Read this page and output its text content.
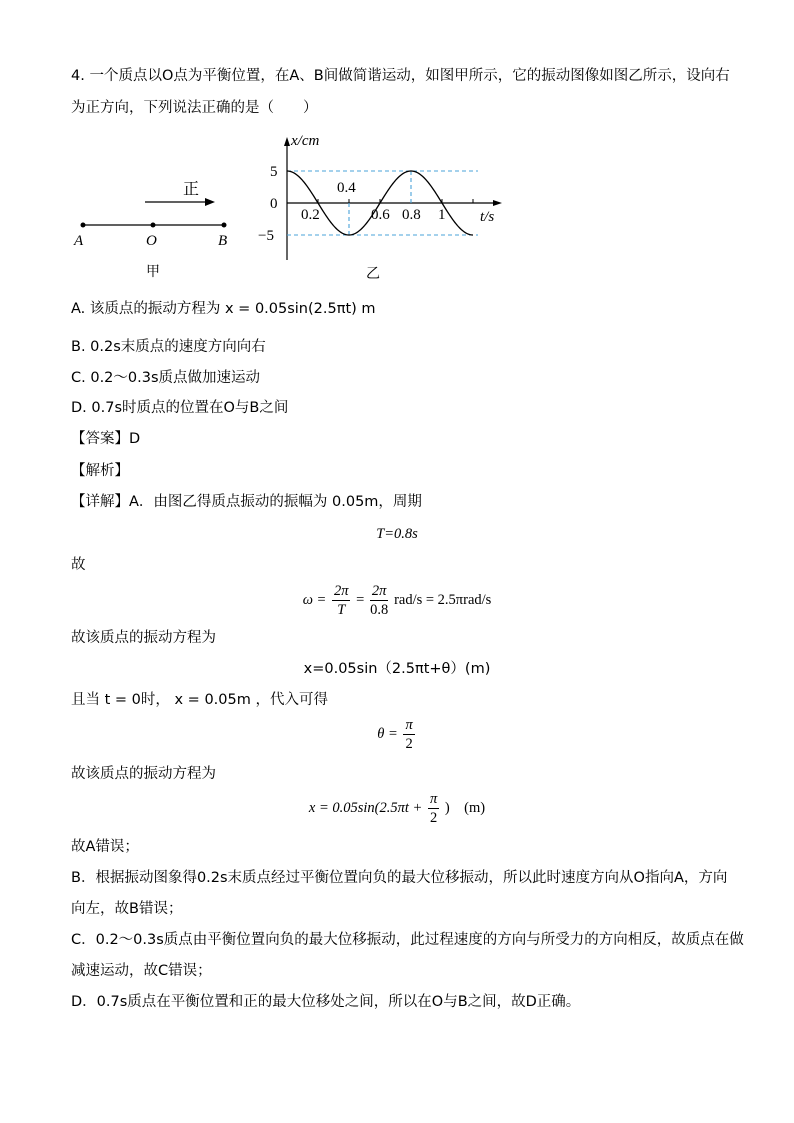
4. 一个质点以O点为平衡位置，在A、B间做简谐运动，如图甲所示，它的振动图像如图乙所示，设向右
为正方向，下列说法正确的是（　　）
正
A	O	B
甲
5
0
−5
0.2
0.4
0.6 0.8 1
x/cm
t/s
乙
A. 该质点的振动方程为 x = 0.05sin(2.5πt) m
B. 0.2s末质点的速度方向向右
C. 0.2～0.3s质点做加速运动
D. 0.7s时质点的位置在O与B之间
【答案】D
【解析】
【详解】A．由图乙得质点振动的振幅为 0.05m，周期
T=0.8s
故
$\omega = \frac{2\pi}{T} = \frac{2\pi}{0.8} rad/s = 2.5\pi rad/s$
故该质点的振动方程为
x=0.05sin（2.5πt+θ）(m)
且当 t = 0时， x = 0.05m ，代入可得
$\theta = \frac{\pi}{2}$
故该质点的振动方程为
$x = 0.05\sin(2.5\pi t + \frac{\pi}{2}$ )　(m)
故A错误；
B．根据振动图象得0.2s末质点经过平衡位置向负的最大位移振动，所以此时速度方向从O指向A，方向
向左，故B错误；
C．0.2～0.3s质点由平衡位置向负的最大位移振动，此过程速度的方向与所受力的方向相反，故质点在做
减速运动，故C错误；
D．0.7s质点在平衡位置和正的最大位移处之间，所以在O与B之间，故D正确。
